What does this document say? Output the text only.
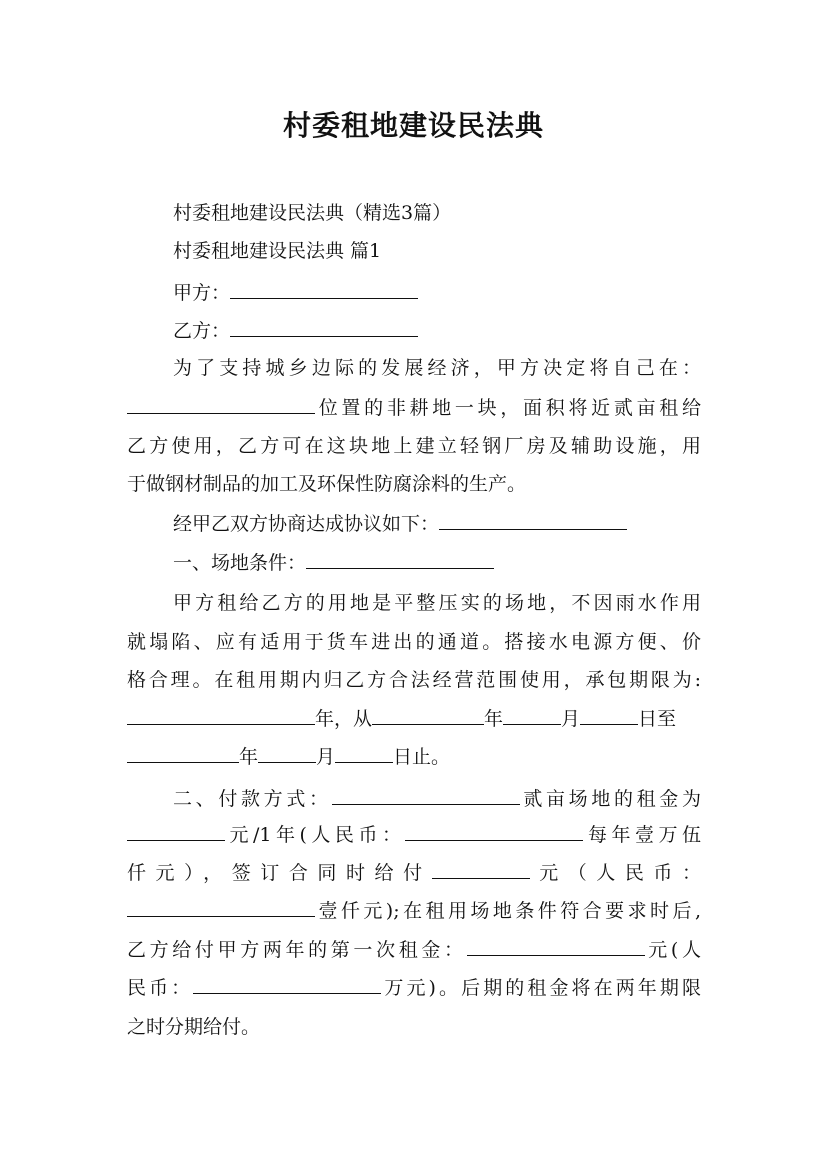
村委租地建设民法典
村委租地建设民法典（精选3篇）
村委租地建设民法典 篇1
甲方：
乙方：
为了支持城乡边际的发展经济，甲方决定将自己在：
位置的非耕地一块，面积将近贰亩租给
乙方使用，乙方可在这块地上建立轻钢厂房及辅助设施，用
于做钢材制品的加工及环保性防腐涂料的生产。
经甲乙双方协商达成协议如下：
一、场地条件：
甲方租给乙方的用地是平整压实的场地，不因雨水作用
就塌陷、应有适用于货车进出的通道。搭接水电源方便、价
格合理。在租用期内归乙方合法经营范围使用，承包期限为:
年，从	年	月	日至
年	月	日止。
二、付款方式：	贰亩场地的租金为
元/1年(人民币：	每年壹万伍
仟元），签订合同时给付	元（人民币：
壹仟元);在租用场地条件符合要求时后,
乙方给付甲方两年的第一次租金：	元(人
民币：	万元)。后期的租金将在两年期限
之时分期给付。
